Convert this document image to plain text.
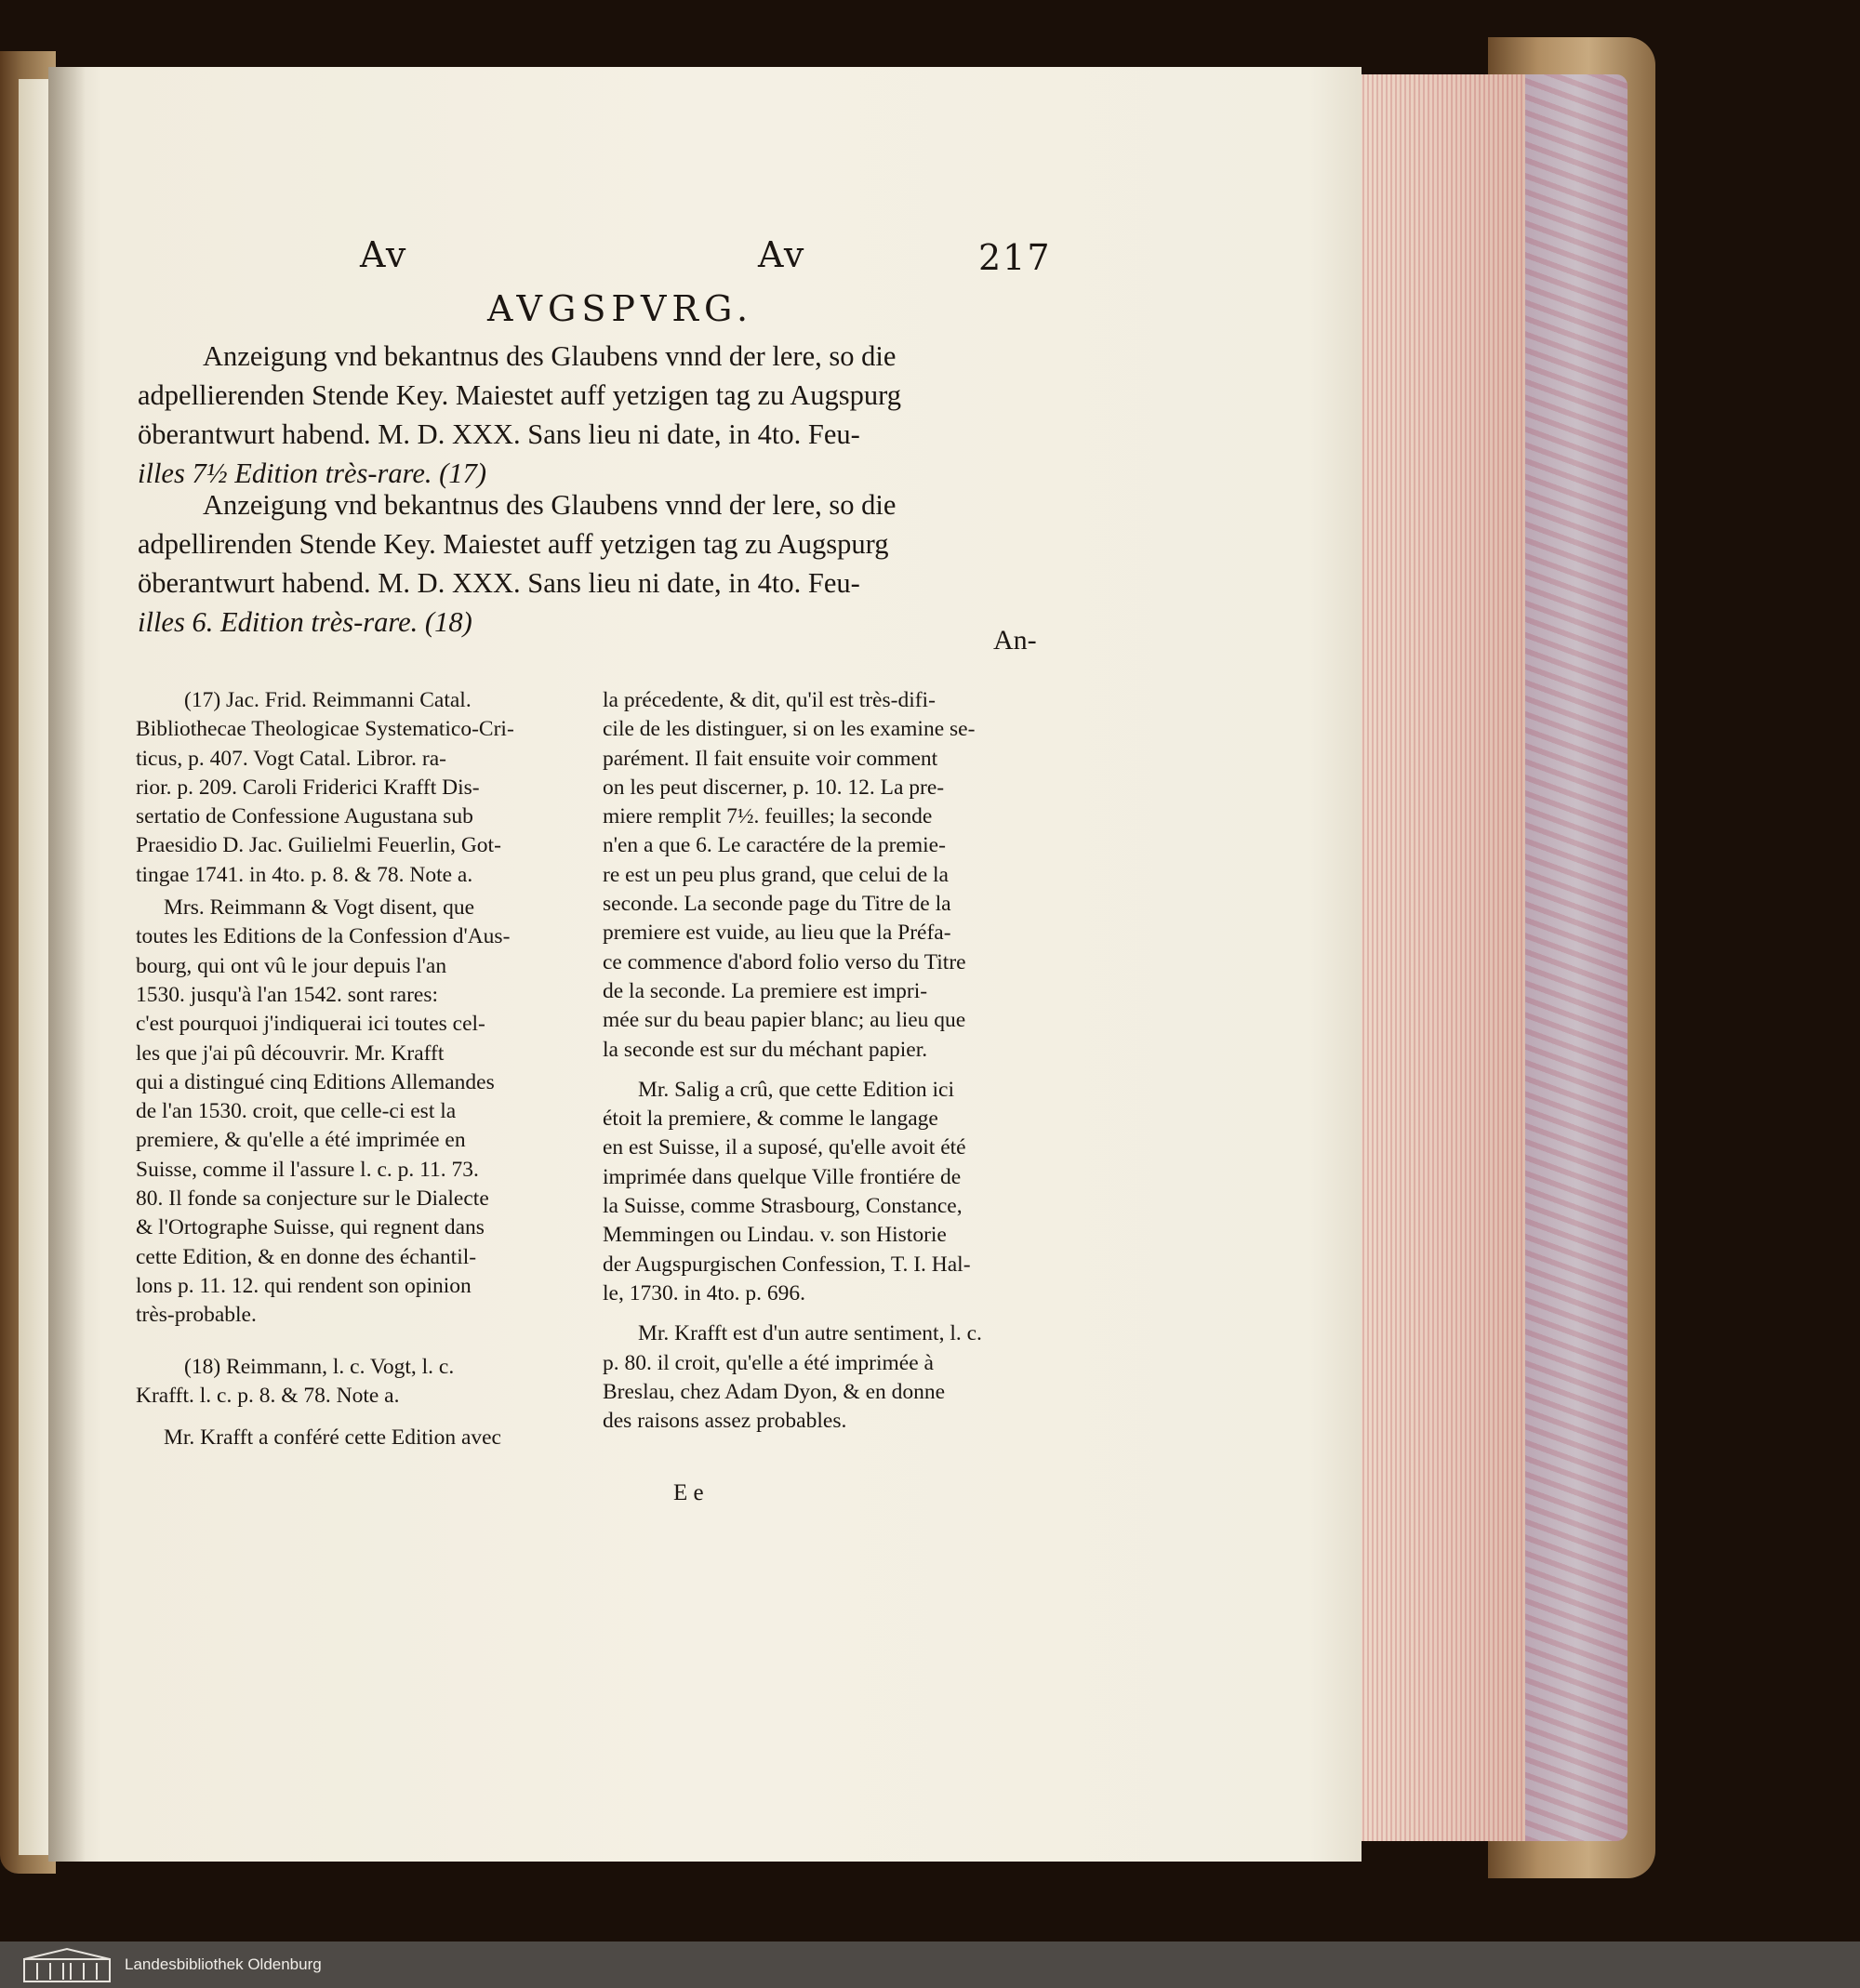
Av	Av	217
AVGSPVRG.
Anzeigung vnd bekantnus des Glaubens vnnd der lere, so die
adpellierenden Stende Key. Maiestet auff yetzigen tag zu Augspurg
öberantwurt habend. M. D. XXX. Sans lieu ni date, in 4to. Feu-
illes 7½ Edition très-rare. (17)
Anzeigung vnd bekantnus des Glaubens vnnd der lere, so die
adpellirenden Stende Key. Maiestet auff yetzigen tag zu Augspurg
öberantwurt habend. M. D. XXX. Sans lieu ni date, in 4to. Feu-
illes 6. Edition très-rare. (18)
An-
(17) Jac. Frid. Reimmanni Catal.
Bibliothecae Theologicae Systematico-Cri-
ticus, p. 407. Vogt Catal. Libror. ra-
rior. p. 209. Caroli Friderici Krafft Dis-
sertatio de Confessione Augustana sub
Praesidio D. Jac. Guilielmi Feuerlin, Got-
tingae 1741. in 4to. p. 8. & 78. Note a.
Mrs. Reimmann & Vogt disent, que
toutes les Editions de la Confession d'Aus-
bourg, qui ont vû le jour depuis l'an
1530. jusqu'à l'an 1542. sont rares:
c'est pourquoi j'indiquerai ici toutes cel-
les que j'ai pû découvrir. Mr. Krafft
qui a distingué cinq Editions Allemandes
de l'an 1530. croit, que celle-ci est la
premiere, & qu'elle a été imprimée en
Suisse, comme il l'assure l. c. p. 11. 73.
80. Il fonde sa conjecture sur le Dialecte
& l'Ortographe Suisse, qui regnent dans
cette Edition, & en donne des échantil-
lons p. 11. 12. qui rendent son opinion
très-probable.
(18) Reimmann, l. c. Vogt, l. c.
Krafft. l. c. p. 8. & 78. Note a.
Mr. Krafft a conféré cette Edition avec
la précedente, & dit, qu'il est très-difi-
cile de les distinguer, si on les examine se-
parément. Il fait ensuite voir comment
on les peut discerner, p. 10. 12. La pre-
miere remplit 7½. feuilles; la seconde
n'en a que 6. Le caractére de la premie-
re est un peu plus grand, que celui de la
seconde. La seconde page du Titre de la
premiere est vuide, au lieu que la Préfa-
ce commence d'abord folio verso du Titre
de la seconde. La premiere est impri-
mée sur du beau papier blanc; au lieu que
la seconde est sur du méchant papier.
Mr. Salig a crû, que cette Edition ici
étoit la premiere, & comme le langage
en est Suisse, il a suposé, qu'elle avoit été
imprimée dans quelque Ville frontiére de
la Suisse, comme Strasbourg, Constance,
Memmingen ou Lindau. v. son Historie
der Augspurgischen Confession, T. I. Hal-
le, 1730. in 4to. p. 696.
Mr. Krafft est d'un autre sentiment, l. c.
p. 80. il croit, qu'elle a été imprimée à
Breslau, chez Adam Dyon, & en donne
des raisons assez probables.
E e
Landesbibliothek Oldenburg
